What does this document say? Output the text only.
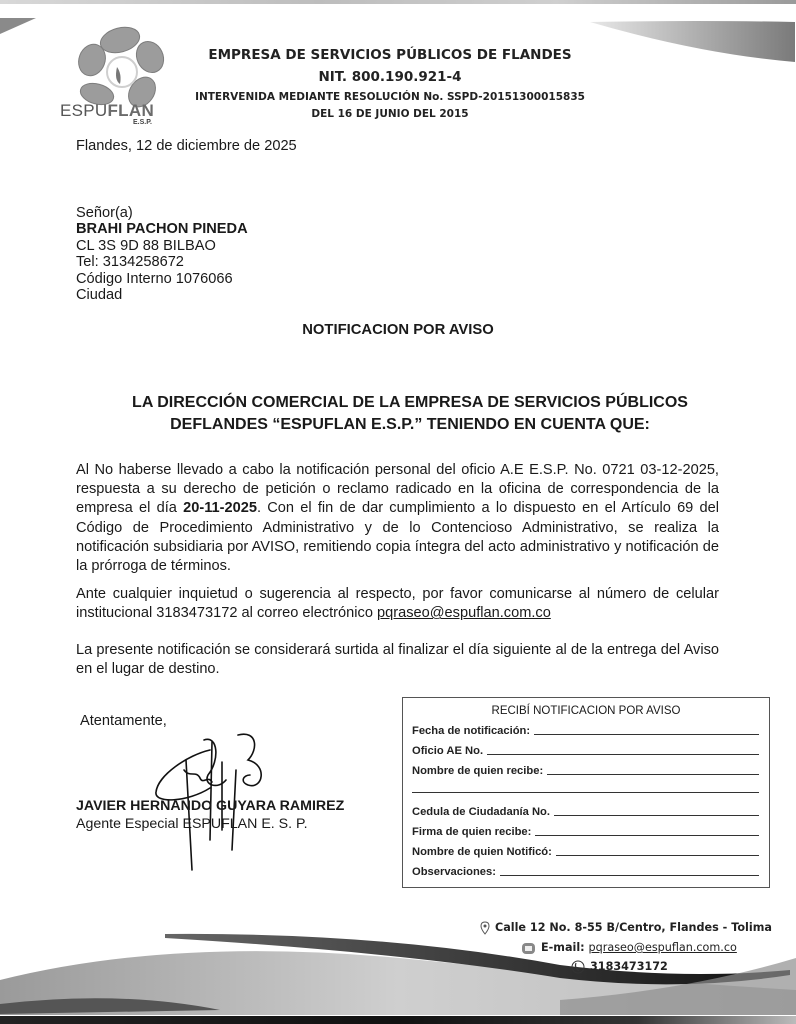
ESPUFLAN
E.S.P.
EMPRESA DE SERVICIOS PÚBLICOS DE FLANDES
NIT. 800.190.921-4
INTERVENIDA MEDIANTE RESOLUCIÓN No. SSPD-20151300015835
DEL 16 DE JUNIO DEL 2015
Flandes, 12 de diciembre de 2025
Señor(a)
BRAHI PACHON PINEDA
CL 3S 9D 88 BILBAO
Tel: 3134258672
Código Interno 1076066
Ciudad
NOTIFICACION POR AVISO
LA DIRECCIÓN COMERCIAL DE LA EMPRESA DE SERVICIOS PÚBLICOS
DEFLANDES “ESPUFLAN E.S.P.” TENIENDO EN CUENTA QUE:
Al No haberse llevado a cabo la notificación personal del oficio A.E E.S.P. No. 0721 03-12-2025, respuesta a su derecho de petición o reclamo radicado en la oficina de correspondencia de la empresa el día 20-11-2025. Con el fin de dar cumplimiento a lo dispuesto en el Artículo 69 del Código de Procedimiento Administrativo y de lo Contencioso Administrativo, se realiza la notificación subsidiaria por AVISO, remitiendo copia íntegra del acto administrativo y notificación de la prórroga de términos.
Ante cualquier inquietud o sugerencia al respecto, por favor comunicarse al número de celular institucional 3183473172 al correo electrónico pqraseo@espuflan.com.co
La presente notificación se considerará surtida al finalizar el día siguiente al de la entrega del Aviso en el lugar de destino.
Atentamente,
JAVIER HERNANDO GUYARA RAMIREZ
Agente Especial ESPUFLAN E. S. P.
RECIBÍ NOTIFICACION POR AVISO
Fecha de notificación:
Oficio AE No.
Nombre de quien recibe:
Cedula de Ciudadanía No.
Firma de quien recibe:
Nombre de quien Notificó:
Observaciones:
Calle 12 No. 8-55 B/Centro, Flandes - Tolima
E-mail: pqraseo@espuflan.com.co
3183473172
